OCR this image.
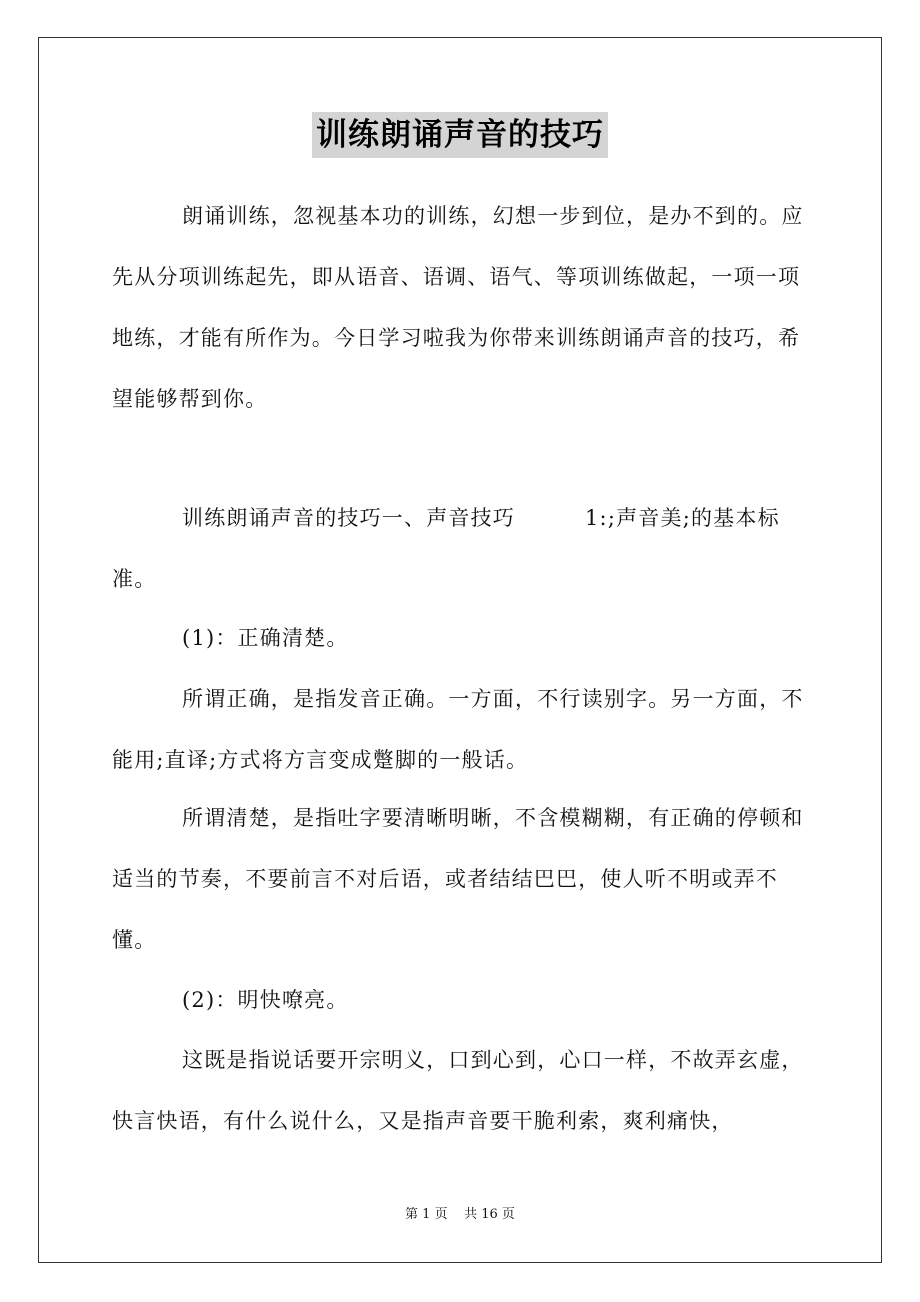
训练朗诵声音的技巧

朗诵训练，忽视基本功的训练，幻想一步到位，是办不到的。应先从分项训练起先，即从语音、语调、语气、等项训练做起，一项一项地练，才能有所作为。今日学习啦我为你带来训练朗诵声音的技巧，希望能够帮到你。

训练朗诵声音的技巧一、声音技巧	1:;声音美;的基本标准。

(1)：正确清楚。

所谓正确，是指发音正确。一方面，不行读别字。另一方面，不能用;直译;方式将方言变成蹩脚的一般话。

所谓清楚，是指吐字要清晰明晰，不含模糊糊，有正确的停顿和适当的节奏，不要前言不对后语，或者结结巴巴，使人听不明或弄不懂。

(2)：明快嘹亮。

这既是指说话要开宗明义，口到心到，心口一样，不故弄玄虚，快言快语，有什么说什么，又是指声音要干脆利索，爽利痛快，

第 1 页 共 16 页
